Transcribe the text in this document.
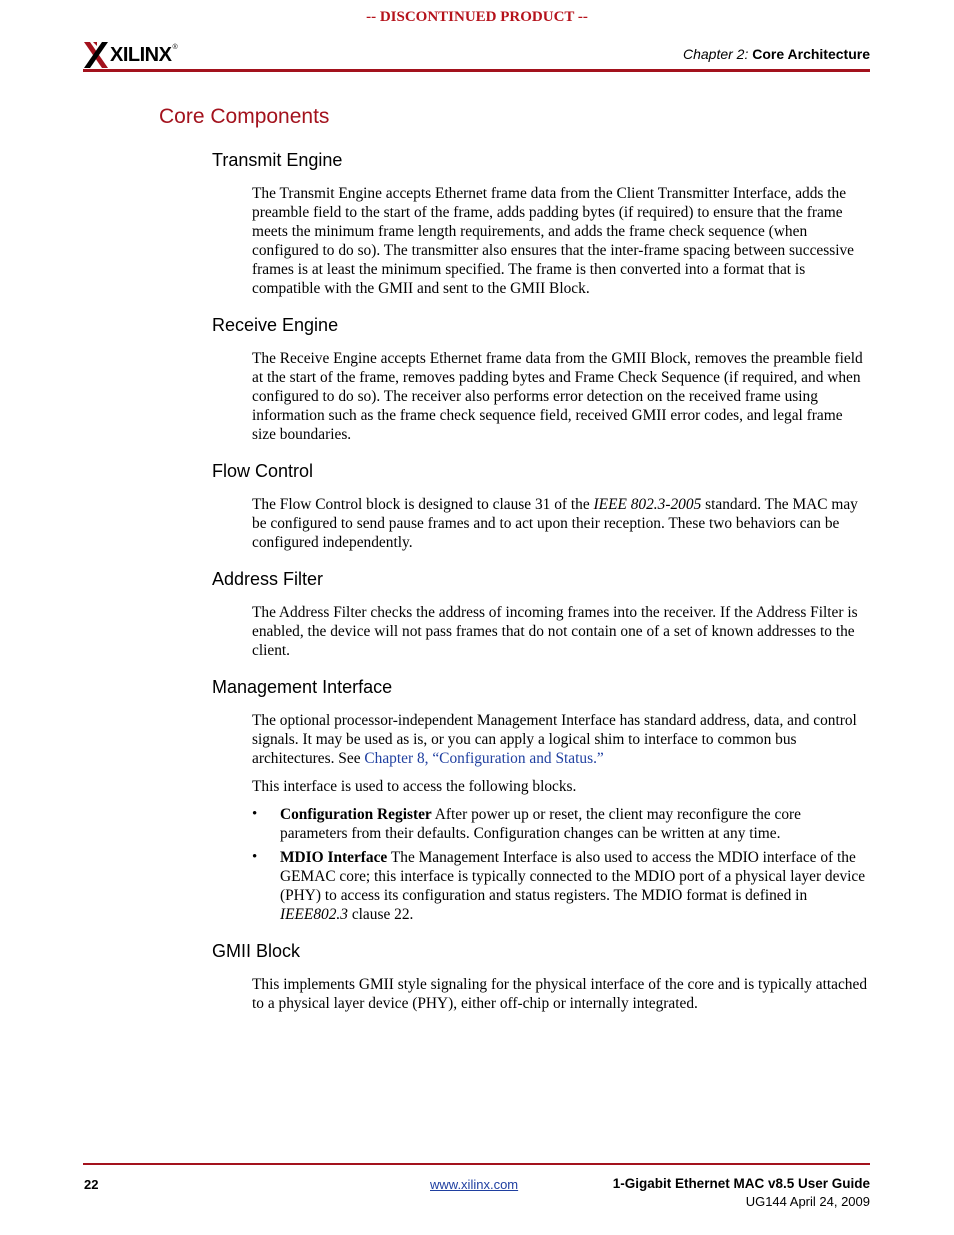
-- DISCONTINUED PRODUCT --
XILINX ®	Chapter 2: Core Architecture
Core Components
Transmit Engine

The Transmit Engine accepts Ethernet frame data from the Client Transmitter Interface, adds the preamble field to the start of the frame, adds padding bytes (if required) to ensure that the frame meets the minimum frame length requirements, and adds the frame check sequence (when configured to do so). The transmitter also ensures that the inter-frame spacing between successive frames is at least the minimum specified. The frame is then converted into a format that is compatible with the GMII and sent to the GMII Block.

Receive Engine

The Receive Engine accepts Ethernet frame data from the GMII Block, removes the preamble field at the start of the frame, removes padding bytes and Frame Check Sequence (if required, and when configured to do so). The receiver also performs error detection on the received frame using information such as the frame check sequence field, received GMII error codes, and legal frame size boundaries.

Flow Control

The Flow Control block is designed to clause 31 of the IEEE 802.3-2005 standard. The MAC may be configured to send pause frames and to act upon their reception. These two behaviors can be configured independently.

Address Filter

The Address Filter checks the address of incoming frames into the receiver. If the Address Filter is enabled, the device will not pass frames that do not contain one of a set of known addresses to the client.

Management Interface

The optional processor-independent Management Interface has standard address, data, and control signals. It may be used as is, or you can apply a logical shim to interface to common bus architectures. See Chapter 8, “Configuration and Status.”

This interface is used to access the following blocks.

• Configuration Register After power up or reset, the client may reconfigure the core parameters from their defaults. Configuration changes can be written at any time.

• MDIO Interface The Management Interface is also used to access the MDIO interface of the GEMAC core; this interface is typically connected to the MDIO port of a physical layer device (PHY) to access its configuration and status registers. The MDIO format is defined in IEEE802.3 clause 22.

GMII Block

This implements GMII style signaling for the physical interface of the core and is typically attached to a physical layer device (PHY), either off-chip or internally integrated.

22	www.xilinx.com	1-Gigabit Ethernet MAC v8.5 User Guide
UG144 April 24, 2009
